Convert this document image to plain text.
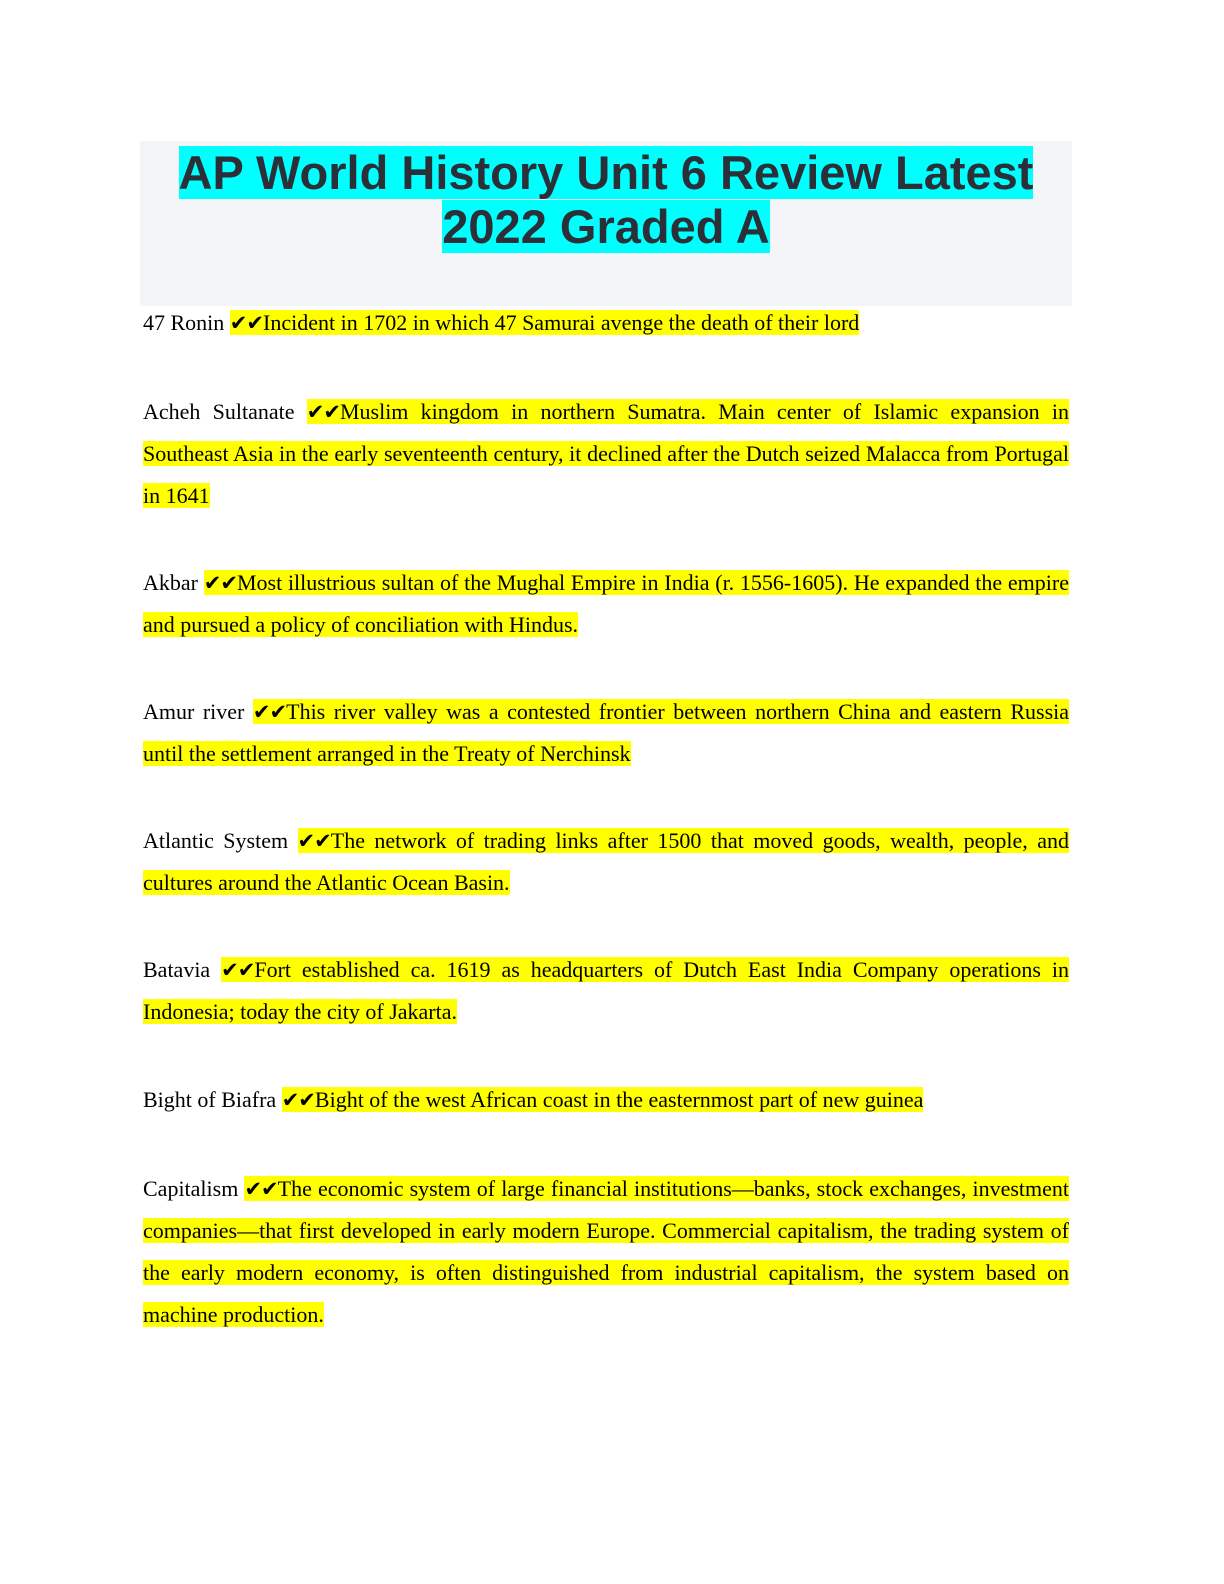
AP World History Unit 6 Review Latest
2022 Graded A

47 Ronin ✔✔Incident in 1702 in which 47 Samurai avenge the death of their lord

Acheh Sultanate ✔✔Muslim kingdom in northern Sumatra. Main center of Islamic expansion in Southeast Asia in the early seventeenth century, it declined after the Dutch seized Malacca from Portugal in 1641

Akbar ✔✔Most illustrious sultan of the Mughal Empire in India (r. 1556-1605). He expanded the empire and pursued a policy of conciliation with Hindus.

Amur river ✔✔This river valley was a contested frontier between northern China and eastern Russia until the settlement arranged in the Treaty of Nerchinsk

Atlantic System ✔✔The network of trading links after 1500 that moved goods, wealth, people, and cultures around the Atlantic Ocean Basin.

Batavia ✔✔Fort established ca. 1619 as headquarters of Dutch East India Company operations in Indonesia; today the city of Jakarta.

Bight of Biafra ✔✔Bight of the west African coast in the easternmost part of new guinea

Capitalism ✔✔The economic system of large financial institutions—banks, stock exchanges, investment companies—that first developed in early modern Europe. Commercial capitalism, the trading system of the early modern economy, is often distinguished from industrial capitalism, the system based on machine production.
